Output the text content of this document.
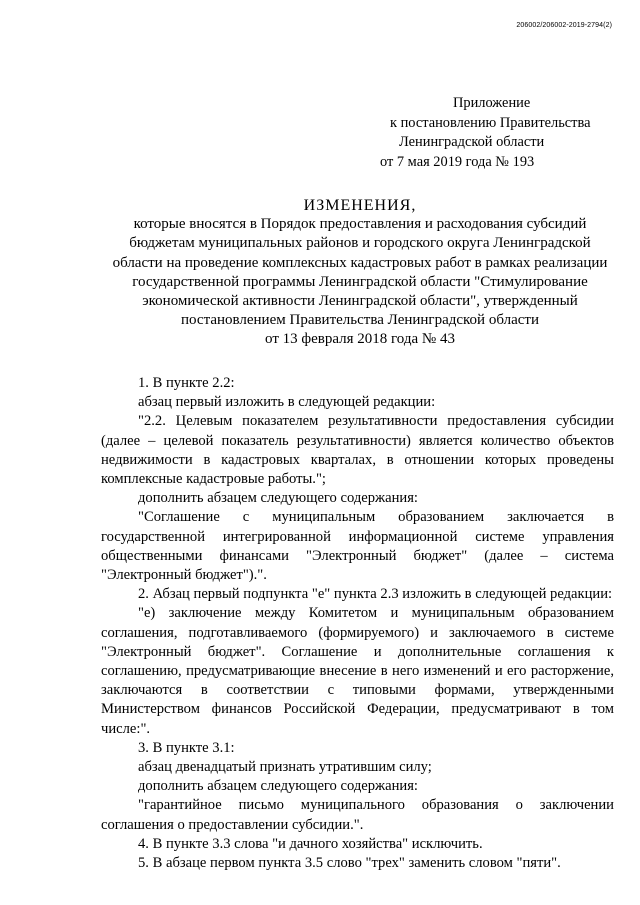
206002/206002-2019-2794(2)
Приложение
к постановлению Правительства
Ленинградской области
от 7 мая 2019 года № 193
ИЗМЕНЕНИЯ,
которые вносятся в Порядок предоставления и расходования субсидий
бюджетам муниципальных районов и городского округа Ленинградской
области на проведение комплексных кадастровых работ в рамках реализации
государственной программы Ленинградской области "Стимулирование
экономической активности Ленинградской области", утвержденный
постановлением Правительства Ленинградской области
от 13 февраля 2018 года № 43
1. В пункте 2.2:
абзац первый изложить в следующей редакции:
"2.2. Целевым показателем результативности предоставления субсидии (далее – целевой показатель результативности) является количество объектов недвижимости в кадастровых кварталах, в отношении которых проведены комплексные кадастровые работы.";
дополнить абзацем следующего содержания:
"Соглашение с муниципальным образованием заключается в государственной интегрированной информационной системе управления общественными финансами "Электронный бюджет" (далее – система "Электронный бюджет").".
2. Абзац первый подпункта "е" пункта 2.3 изложить в следующей редакции:
"е) заключение между Комитетом и муниципальным образованием соглашения, подготавливаемого (формируемого) и заключаемого в системе "Электронный бюджет". Соглашение и дополнительные соглашения к соглашению, предусматривающие внесение в него изменений и его расторжение, заключаются в соответствии с типовыми формами, утвержденными Министерством финансов Российской Федерации, предусматривают в том числе:".
3. В пункте 3.1:
абзац двенадцатый признать утратившим силу;
дополнить абзацем следующего содержания:
"гарантийное письмо муниципального образования о заключении соглашения о предоставлении субсидии.".
4. В пункте 3.3 слова "и дачного хозяйства" исключить.
5. В абзаце первом пункта 3.5 слово "трех" заменить словом "пяти".
